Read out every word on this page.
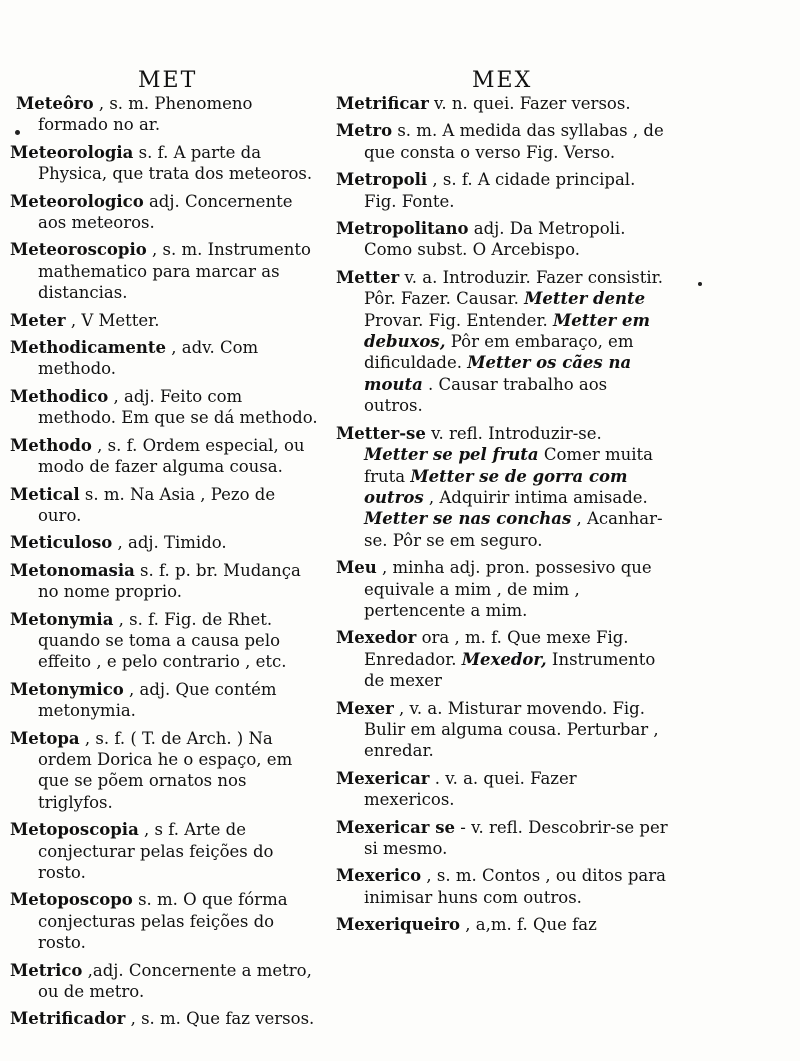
MET	MEX
Meteôro , s. m. Phenomeno formado no ar.
Meteorologia s. f. A parte da Physica, que trata dos meteoros.
Meteorologico adj. Concernente aos meteoros.
Meteoroscopio , s. m. Instrumento mathematico para marcar as distancias.
Meter , V Metter.
Methodicamente , adv. Com methodo.
Methodico , adj. Feito com methodo. Em que se dá methodo.
Methodo , s. f. Ordem especial, ou modo de fazer alguma cousa.
Metical s. m. Na Asia , Pezo de ouro.
Meticuloso , adj. Timido.
Metonomasia s. f. p. br. Mudança no nome proprio.
Metonymia , s. f. Fig. de Rhet. quando se toma a causa pelo effeito , e pelo contrario , etc.
Metonymico , adj. Que contém metonymia.
Metopa , s. f. ( T. de Arch. ) Na ordem Dorica he o espaço, em que se põem ornatos nos triglyfos.
Metoposcopia , s f. Arte de conjecturar pelas feições do rosto.
Metoposcopo s. m. O que fórma conjecturas pelas feições do rosto.
Metrico ,adj. Concernente a metro, ou de metro.
Metrificador , s. m. Que faz versos.
Metrificar v. n. quei. Fazer versos.
Metro s. m. A medida das syllabas , de que consta o verso Fig. Verso.
Metropoli , s. f. A cidade principal. Fig. Fonte.
Metropolitano adj. Da Metropoli. Como subst. O Arcebispo.
Metter v. a. Introduzir. Fazer consistir. Pôr. Fazer. Causar. Metter dente Provar. Fig. Entender. Metter em debuxos, Pôr em embaraço, em dificuldade. Metter os cães na mouta . Causar trabalho aos outros.
Metter-se v. refl. Introduzir-se. Metter se pel fruta Comer muita fruta Metter se de gorra com outros , Adquirir intima amisade. Metter se nas conchas , Acanhar-se. Pôr se em seguro.
Meu , minha adj. pron. possesivo que equivale a mim , de mim , pertencente a mim.
Mexedor ora , m. f. Que mexe Fig. Enredador. Mexedor, Instrumento de mexer
Mexer , v. a. Misturar movendo. Fig. Bulir em alguma cousa. Perturbar , enredar.
Mexericar . v. a. quei. Fazer mexericos.
Mexericar se - v. refl. Descobrir-se per si mesmo.
Mexerico , s. m. Contos , ou ditos para inimisar huns com outros.
Mexeriqueiro , a,m. f. Que faz
